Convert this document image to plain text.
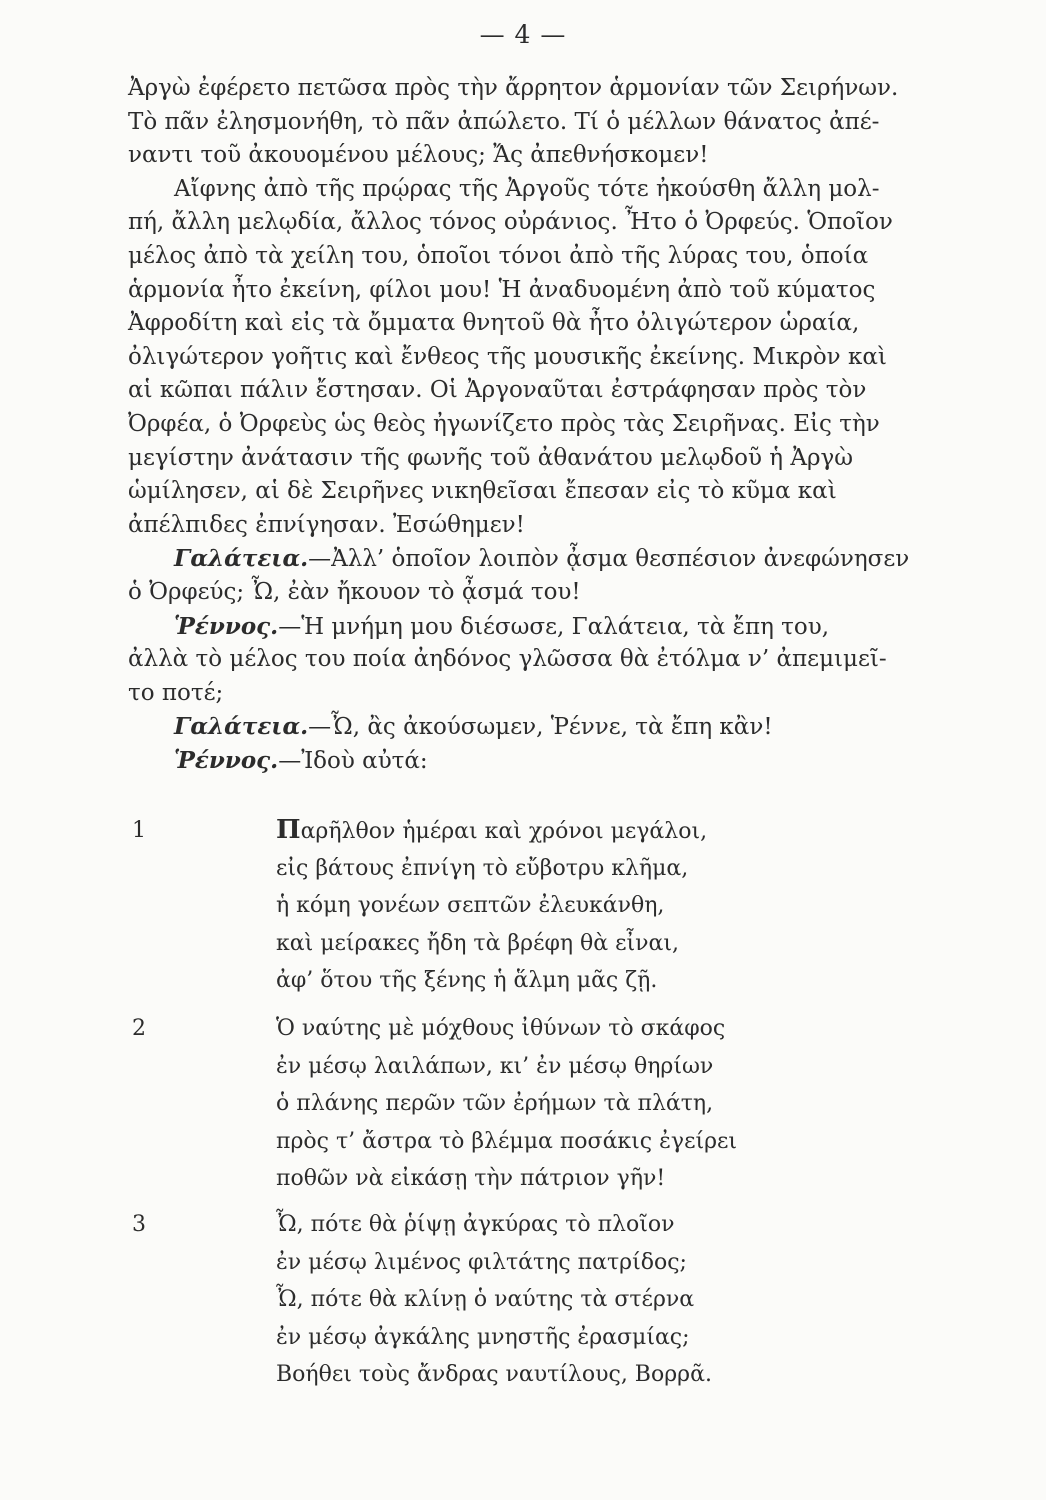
— 4 —
Ἀργὼ ἐφέρετο πετῶσα πρὸς τὴν ἄρρητον ἁρμονίαν τῶν Σειρήνων.
Τὸ πᾶν ἐλησμονήθη, τὸ πᾶν ἀπώλετο. Τί ὁ μέλλων θάνατος ἀπέ-
ναντι τοῦ ἀκουομένου μέλους; Ἄς ἀπεθνήσκομεν!
Αἴφνης ἀπὸ τῆς πρῴρας τῆς Ἀργοῦς τότε ἠκούσθη ἄλλη μολ-
πή, ἄλλη μελῳδία, ἄλλος τόνος οὐράνιος. Ἦτο ὁ Ὀρφεύς. Ὁποῖον
μέλος ἀπὸ τὰ χείλη του, ὁποῖοι τόνοι ἀπὸ τῆς λύρας του, ὁποία
ἁρμονία ἦτο ἐκείνη, φίλοι μου! Ἡ ἀναδυομένη ἀπὸ τοῦ κύματος
Ἀφροδίτη καὶ εἰς τὰ ὄμματα θνητοῦ θὰ ἦτο ὀλιγώτερον ὡραία,
ὀλιγώτερον γοῆτις καὶ ἔνθεος τῆς μουσικῆς ἐκείνης. Μικρὸν καὶ
αἱ κῶπαι πάλιν ἔστησαν. Οἱ Ἀργοναῦται ἐστράφησαν πρὸς τὸν
Ὀρφέα, ὁ Ὀρφεὺς ὡς θεὸς ἠγωνίζετο πρὸς τὰς Σειρῆνας. Εἰς τὴν
μεγίστην ἀνάτασιν τῆς φωνῆς τοῦ ἀθανάτου μελῳδοῦ ἡ Ἀργὼ
ὡμίλησεν, αἱ δὲ Σειρῆνες νικηθεῖσαι ἔπεσαν εἰς τὸ κῦμα καὶ
ἀπέλπιδες ἐπνίγησαν. Ἐσώθημεν!
Γαλάτεια.—Ἀλλ’ ὁποῖον λοιπὸν ᾆσμα θεσπέσιον ἀνεφώνησεν
ὁ Ὀρφεύς; Ὦ, ἐὰν ἤκουον τὸ ᾆσμά του!
Ῥέννος.—Ἡ μνήμη μου διέσωσε, Γαλάτεια, τὰ ἔπη του,
ἀλλὰ τὸ μέλος του ποία ἀηδόνος γλῶσσα θὰ ἐτόλμα ν’ ἀπεμιμεῖ-
το ποτέ;
Γαλάτεια.—Ὦ, ἂς ἀκούσωμεν, Ῥέννε, τὰ ἔπη κἂν!
Ῥέννος.—Ἰδοὺ αὐτά:
1	Παρῆλθον ἡμέραι καὶ χρόνοι μεγάλοι,
εἰς βάτους ἐπνίγη τὸ εὔβοτρυ κλῆμα,
ἡ κόμη γονέων σεπτῶν ἐλευκάνθη,
καὶ μείρακες ἤδη τὰ βρέφη θὰ εἶναι,
ἀφ’ ὅτου τῆς ξένης ἡ ἅλμη μᾶς ζῇ.
2	Ὁ ναύτης μὲ μόχθους ἰθύνων τὸ σκάφος
ἐν μέσῳ λαιλάπων, κι’ ἐν μέσῳ θηρίων
ὁ πλάνης περῶν τῶν ἐρήμων τὰ πλάτη,
πρὸς τ’ ἄστρα τὸ βλέμμα ποσάκις ἐγείρει
ποθῶν νὰ εἰκάσῃ τὴν πάτριον γῆν!
3	Ὦ, πότε θὰ ῥίψῃ ἀγκύρας τὸ πλοῖον
ἐν μέσῳ λιμένος φιλτάτης πατρίδος;
Ὦ, πότε θὰ κλίνῃ ὁ ναύτης τὰ στέρνα
ἐν μέσῳ ἀγκάλης μνηστῆς ἐρασμίας;
Βοήθει τοὺς ἄνδρας ναυτίλους, Βορρᾶ.
